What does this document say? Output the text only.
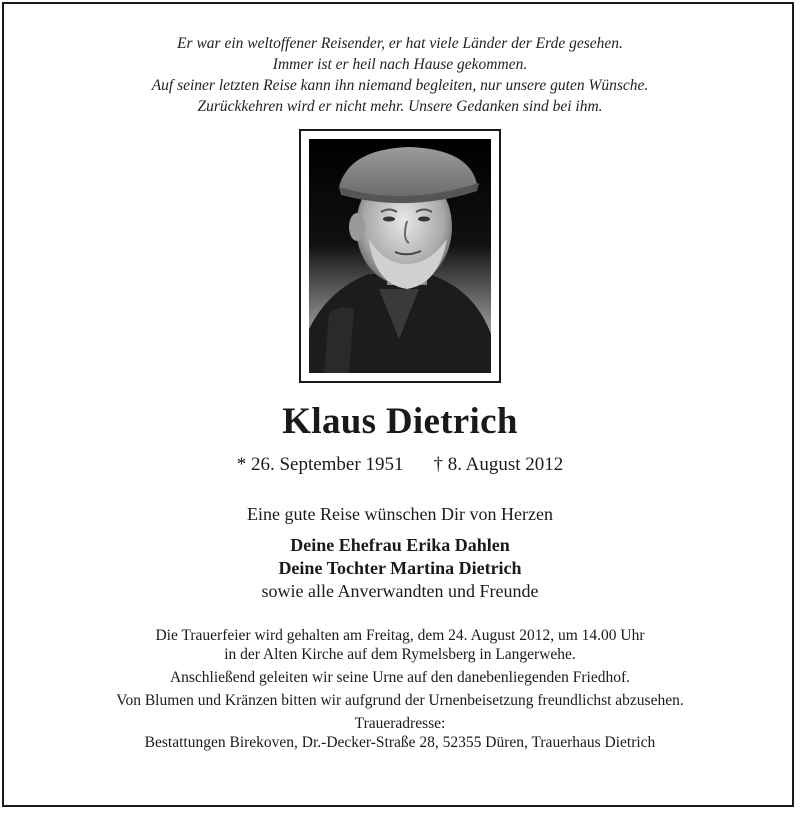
Er war ein weltoffener Reisender, er hat viele Länder der Erde gesehen.
Immer ist er heil nach Hause gekommen.
Auf seiner letzten Reise kann ihn niemand begleiten, nur unsere guten Wünsche.
Zurückkehren wird er nicht mehr. Unsere Gedanken sind bei ihm.
Klaus Dietrich
* 26. September 1951 † 8. August 2012
Eine gute Reise wünschen Dir von Herzen
Deine Ehefrau Erika Dahlen
Deine Tochter Martina Dietrich
sowie alle Anverwandten und Freunde
Die Trauerfeier wird gehalten am Freitag, dem 24. August 2012, um 14.00 Uhr
in der Alten Kirche auf dem Rymelsberg in Langerwehe.
Anschließend geleiten wir seine Urne auf den danebenliegenden Friedhof.
Von Blumen und Kränzen bitten wir aufgrund der Urnenbeisetzung freundlichst abzusehen.
Traueradresse:
Bestattungen Birekoven, Dr.-Decker-Straße 28, 52355 Düren, Trauerhaus Dietrich
